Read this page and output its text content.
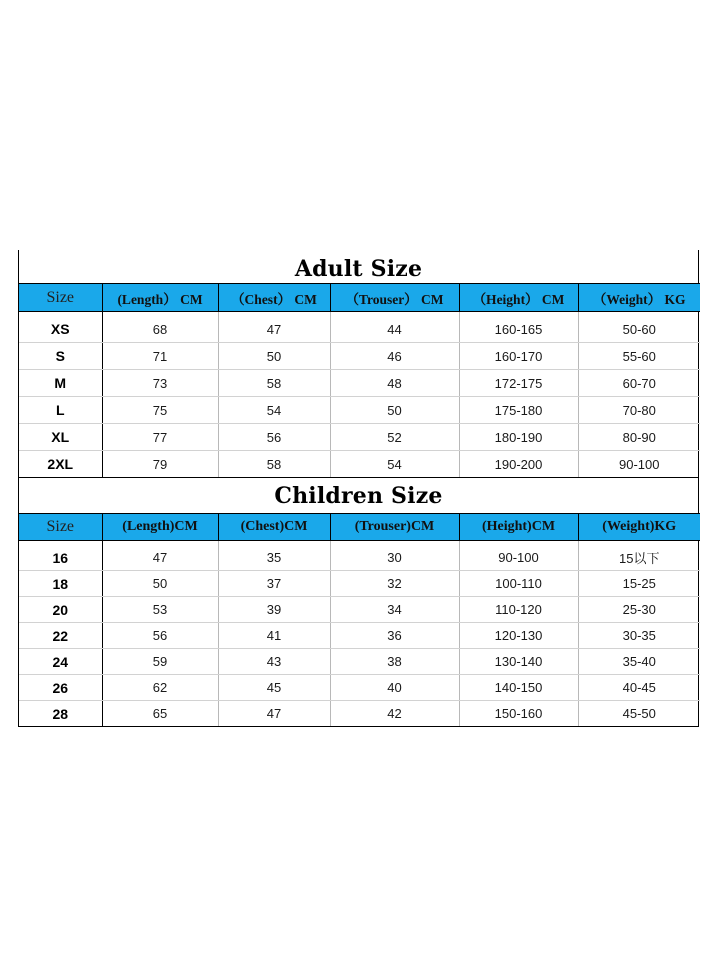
Adult Size
Size	(Length） CM	（Chest） CM	（Trouser） CM	（Height） CM	（Weight） KG

XS	68	47	44	160-165	50-60
S	71	50	46	160-170	55-60
M	73	58	48	172-175	60-70
L	75	54	50	175-180	70-80
XL	77	56	52	180-190	80-90
2XL	79	58	54	190-200	90-100
Children Size
Size	(Length)CM	(Chest)CM	(Trouser)CM	(Height)CM	(Weight)KG

16	47	35	30	90-100	15以下
18	50	37	32	100-110	15-25
20	53	39	34	110-120	25-30
22	56	41	36	120-130	30-35
24	59	43	38	130-140	35-40
26	62	45	40	140-150	40-45
28	65	47	42	150-160	45-50
